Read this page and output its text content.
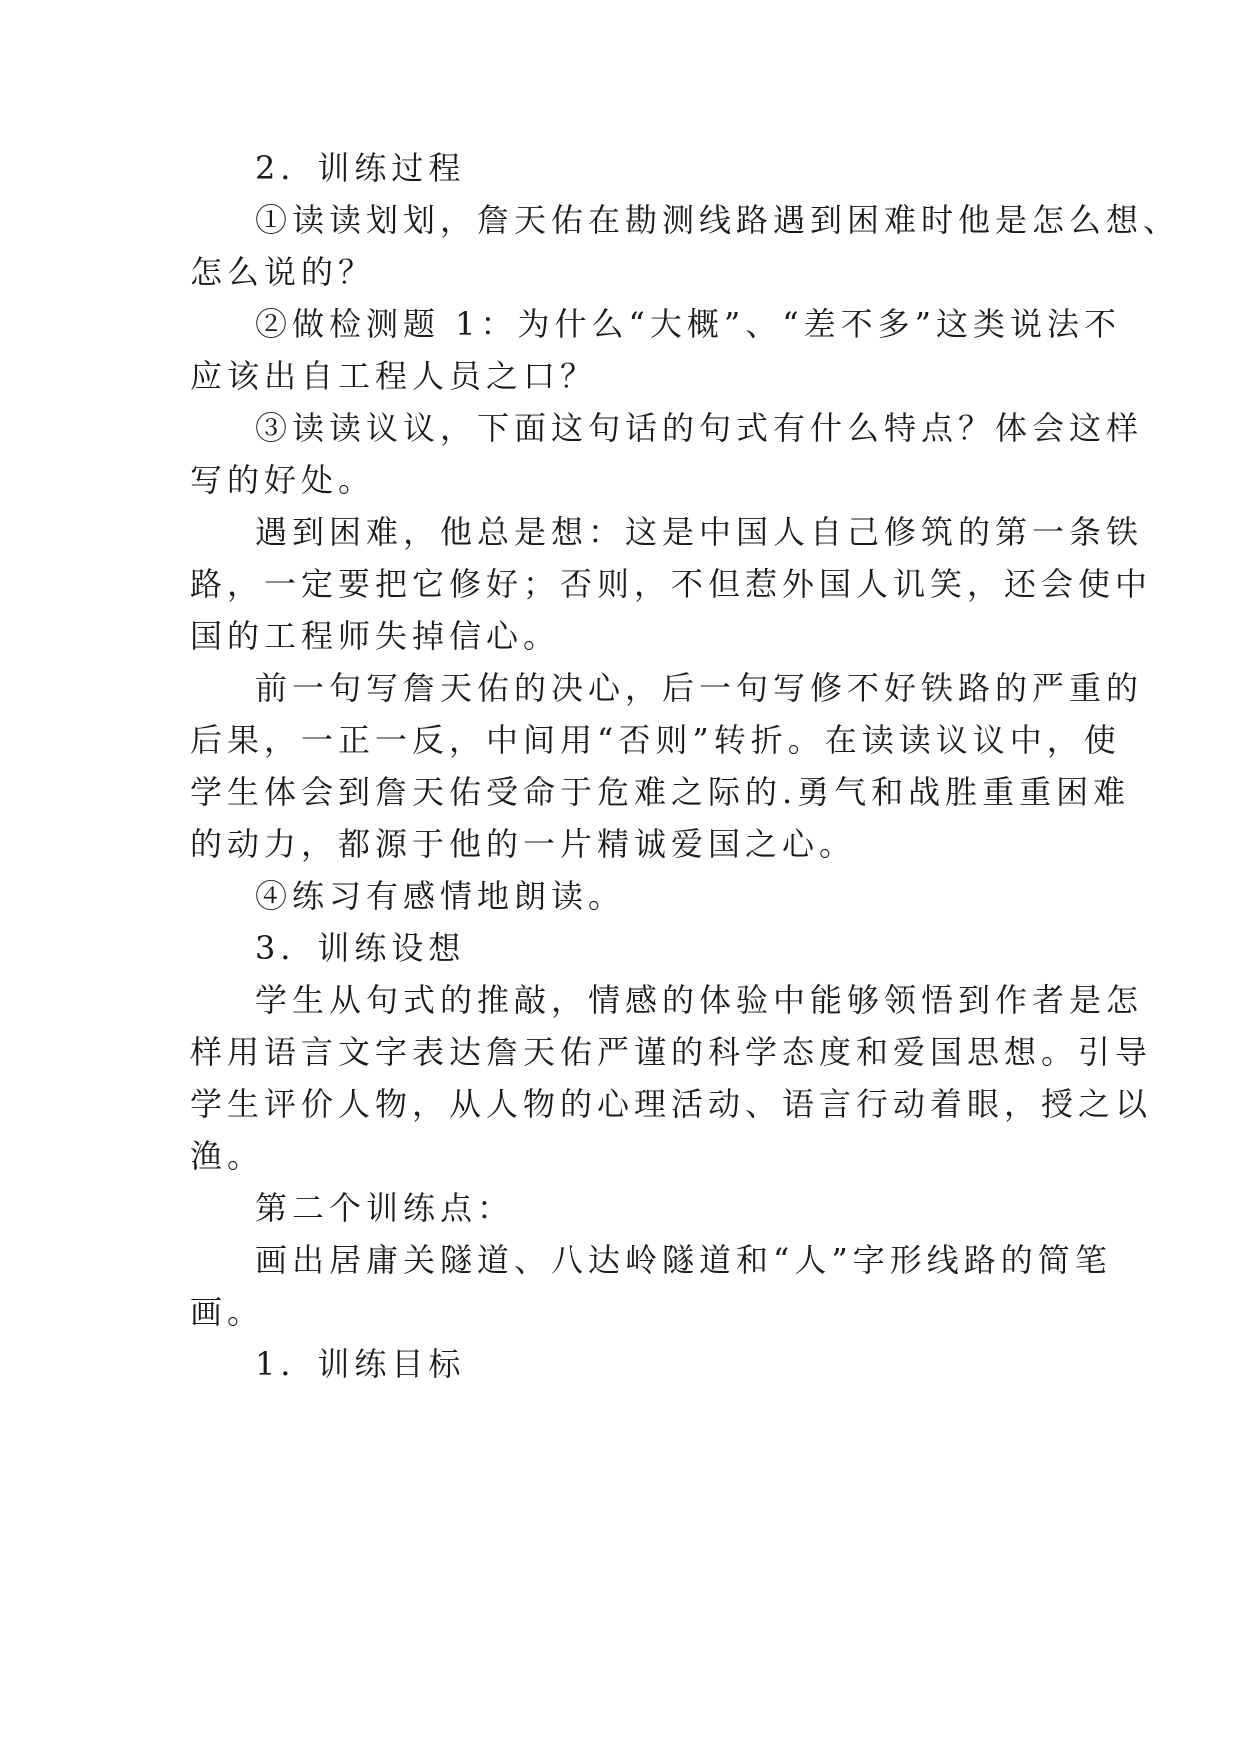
2．训练过程

①读读划划，詹天佑在勘测线路遇到困难时他是怎么想、

怎么说的？

②做检测题 1：为什么“大概”、“差不多”这类说法不

应该出自工程人员之口？

③读读议议，下面这句话的句式有什么特点？体会这样

写的好处。

遇到困难，他总是想：这是中国人自己修筑的第一条铁

路，一定要把它修好；否则，不但惹外国人讥笑，还会使中

国的工程师失掉信心。

前一句写詹天佑的决心，后一句写修不好铁路的严重的

后果，一正一反，中间用“否则”转折。在读读议议中，使

学生体会到詹天佑受命于危难之际的.勇气和战胜重重困难

的动力，都源于他的一片精诚爱国之心。

④练习有感情地朗读。

3．训练设想

学生从句式的推敲，情感的体验中能够领悟到作者是怎

样用语言文字表达詹天佑严谨的科学态度和爱国思想。引导

学生评价人物，从人物的心理活动、语言行动着眼，授之以

渔。

第二个训练点：

画出居庸关隧道、八达岭隧道和“人”字形线路的简笔

画。

1．训练目标
